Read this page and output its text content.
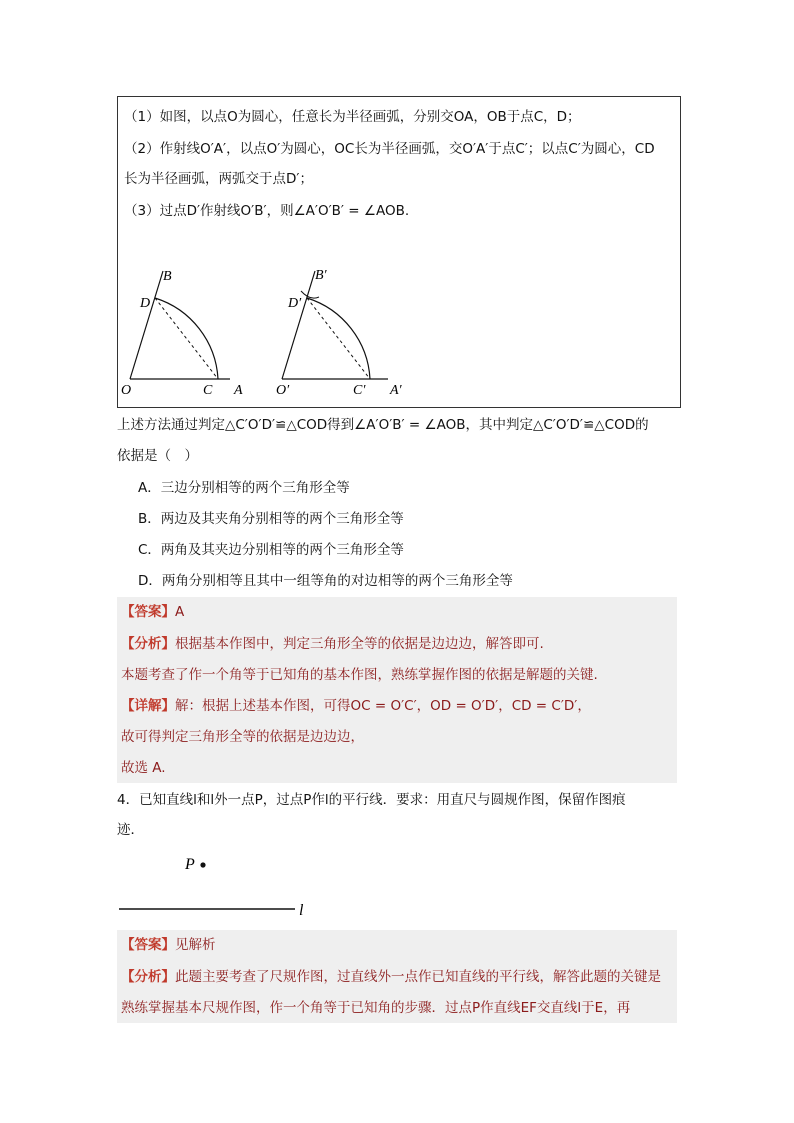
（1）如图，以点O为圆心，任意长为半径画弧，分别交OA，OB于点C，D；
（2）作射线O′A′，以点O′为圆心，OC长为半径画弧，交O′A′于点C′；以点C′为圆心，CD
长为半径画弧，两弧交于点D′；
（3）过点D′作射线O′B′，则∠A′O′B′ = ∠AOB.
O	A
B
C
D
O′	A′
B′
C′
D′
上述方法通过判定△C′O′D′≌△COD得到∠A′O′B′ = ∠AOB，其中判定△C′O′D′≌△COD的
依据是（　）
A．三边分别相等的两个三角形全等
B．两边及其夹角分别相等的两个三角形全等
C．两角及其夹边分别相等的两个三角形全等
D．两角分别相等且其中一组等角的对边相等的两个三角形全等
【答案】A
【分析】根据基本作图中，判定三角形全等的依据是边边边，解答即可.
本题考查了作一个角等于已知角的基本作图，熟练掌握作图的依据是解题的关键.
【详解】解：根据上述基本作图，可得OC = O′C′，OD = O′D′，CD = C′D′，
故可得判定三角形全等的依据是边边边，
故选 A.
4．已知直线l和l外一点P，过点P作l的平行线．要求：用直尺与圆规作图，保留作图痕
迹．
P
l
【答案】见解析
【分析】此题主要考查了尺规作图，过直线外一点作已知直线的平行线，解答此题的关键是
熟练掌握基本尺规作图，作一个角等于已知角的步骤．过点P作直线EF交直线l于E，再
